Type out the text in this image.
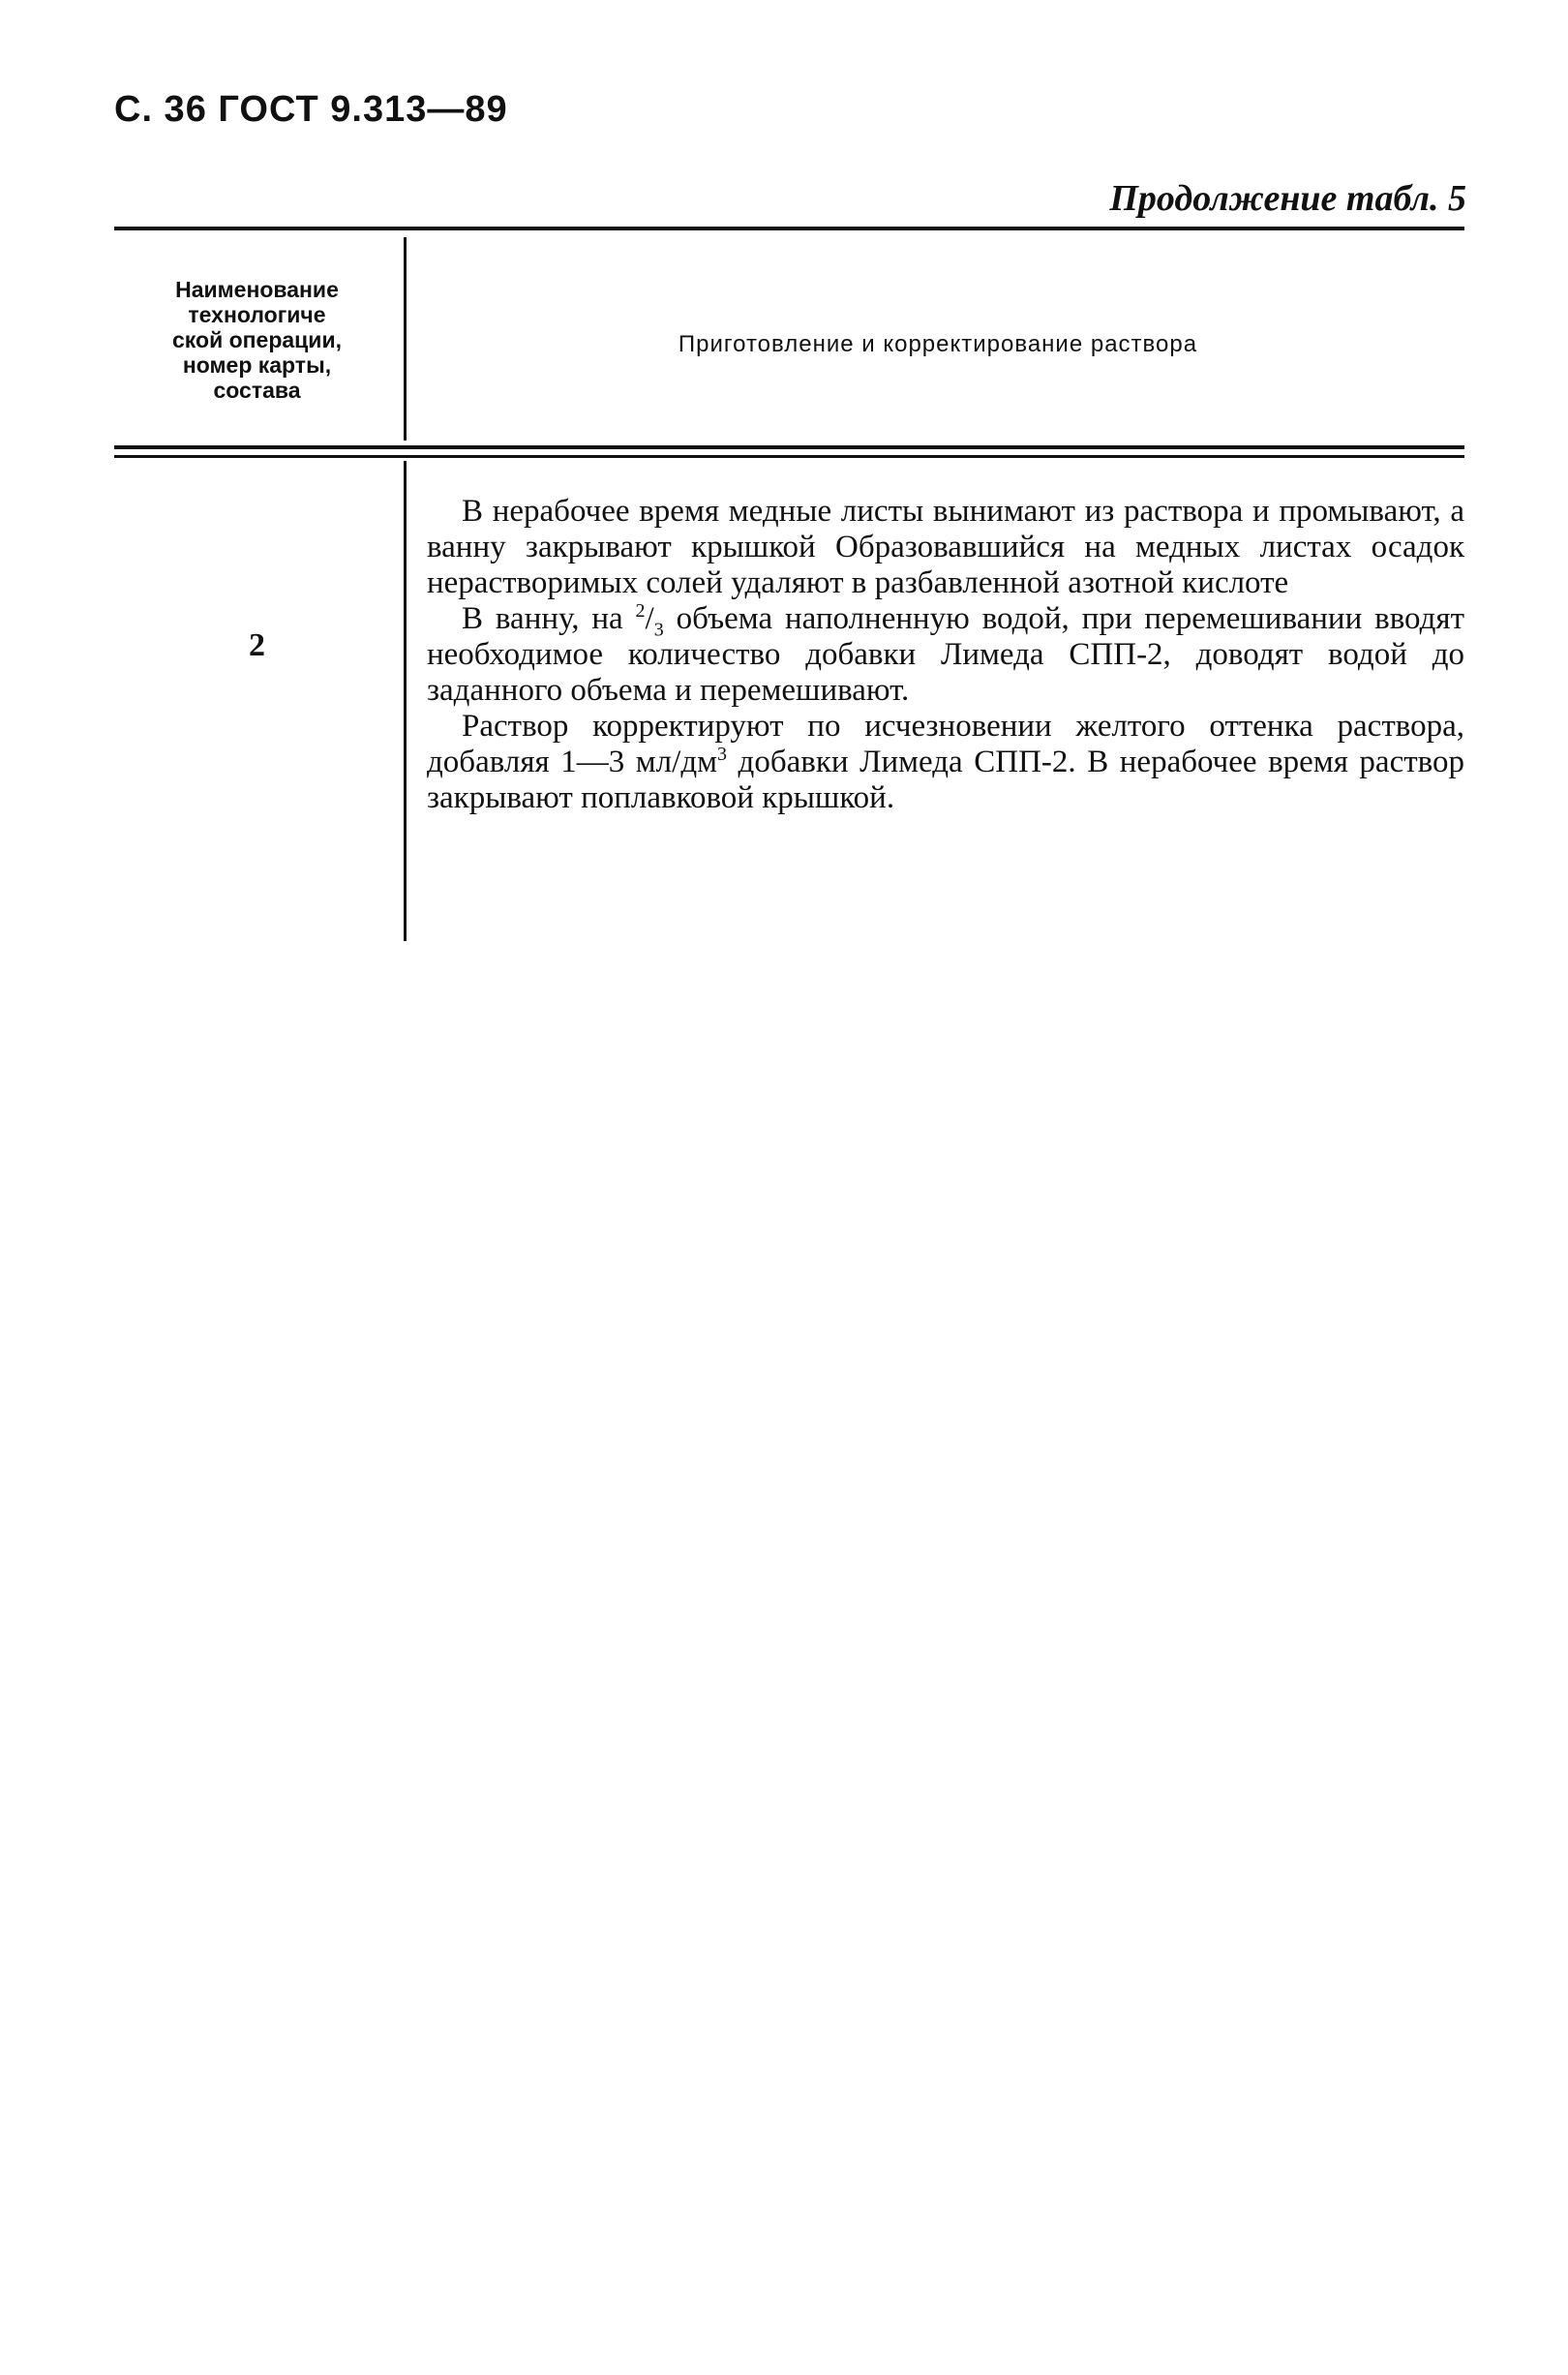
С. 36 ГОСТ 9.313—89
Продолжение табл. 5
Наименование
технологиче
ской операции,
номер карты,
состава
Приготовление и корректирование раствора
2

В нерабочее время медные листы вынимают из раствора и промывают, а ванну закрывают крышкой Образовавшийся на медных листах осадок нерастворимых солей удаляют в разбавленной азотной кислоте

В ванну, на $^2/_3$ объема наполненную водой, при перемешивании вводят необходимое количество добавки Лимеда СПП-2, доводят водой до заданного объема и перемешивают.

Раствор корректируют по исчезновении желтого оттенка раствора, добавляя 1—3 $мл/дм^3$ добавки Лимеда СПП-2. В нерабочее время раствор закрывают поплавковой крышкой.
